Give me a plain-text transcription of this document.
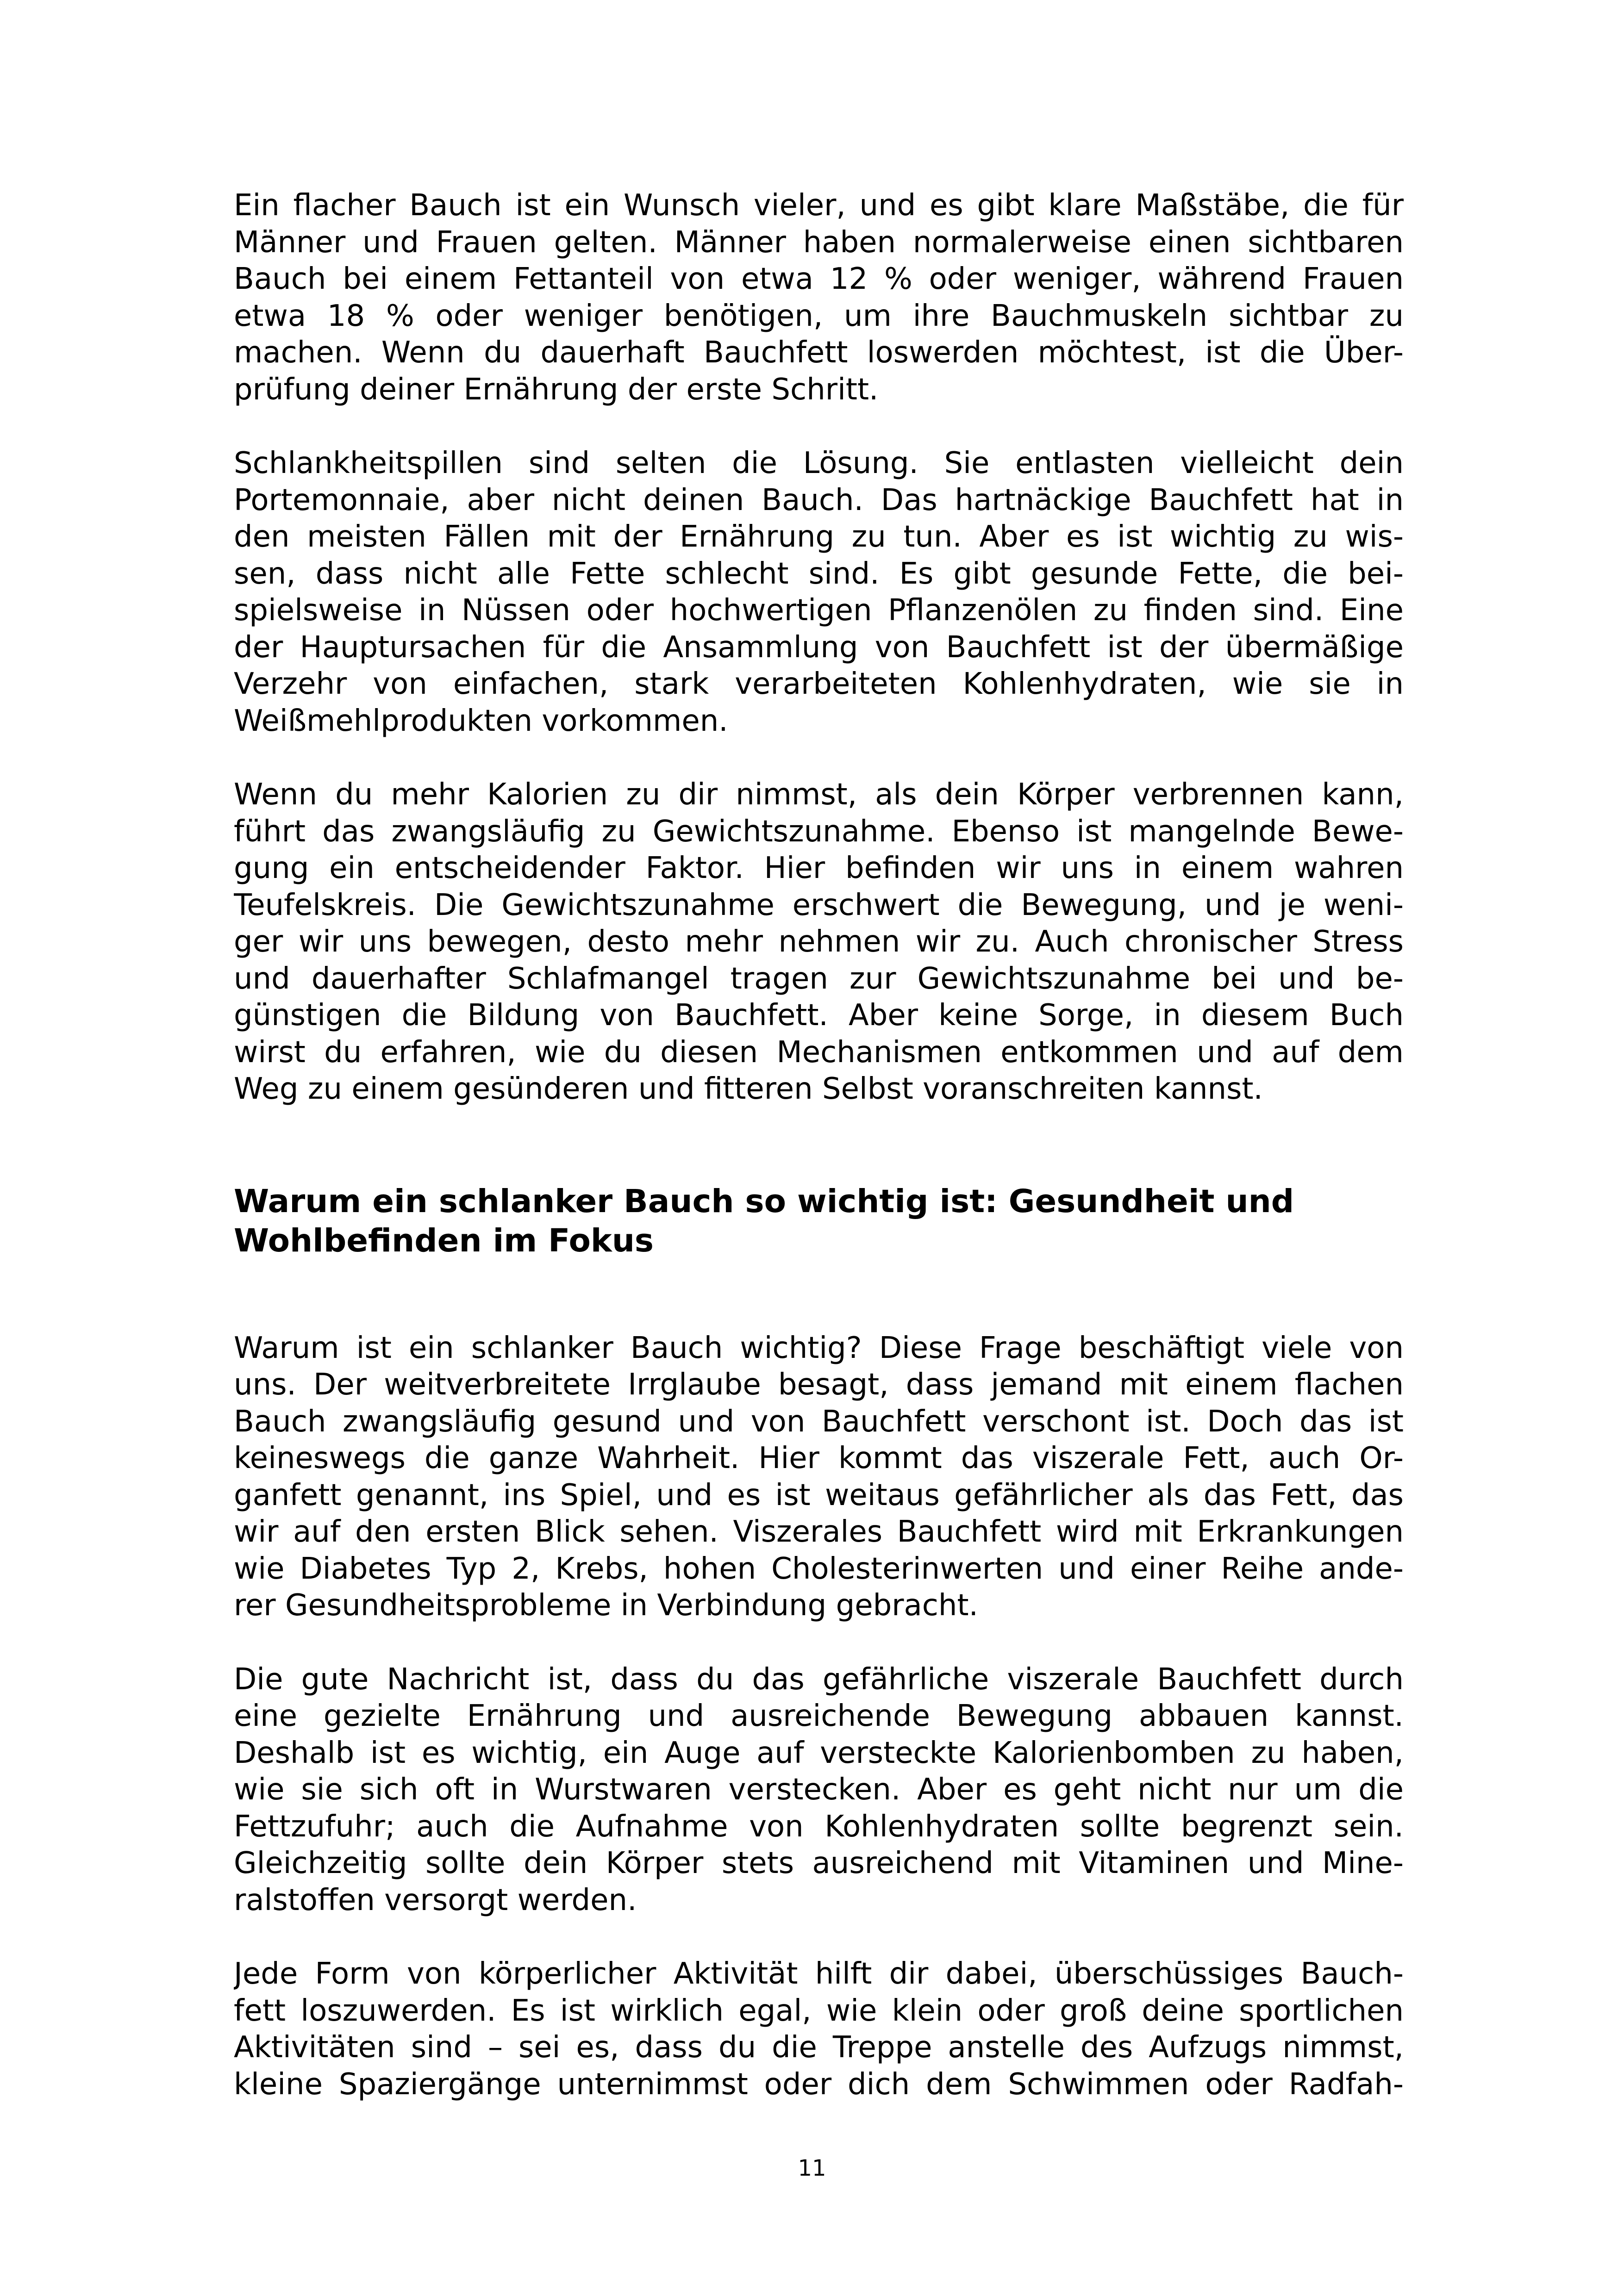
Ein flacher Bauch ist ein Wunsch vieler, und es gibt klare Maßstäbe, die für
Männer und Frauen gelten. Männer haben normalerweise einen sichtbaren
Bauch bei einem Fettanteil von etwa 12 % oder weniger, während Frauen
etwa 18 % oder weniger benötigen, um ihre Bauchmuskeln sichtbar zu
machen. Wenn du dauerhaft Bauchfett loswerden möchtest, ist die Über-
prüfung deiner Ernährung der erste Schritt.
Schlankheitspillen sind selten die Lösung. Sie entlasten vielleicht dein
Portemonnaie, aber nicht deinen Bauch. Das hartnäckige Bauchfett hat in
den meisten Fällen mit der Ernährung zu tun. Aber es ist wichtig zu wis-
sen, dass nicht alle Fette schlecht sind. Es gibt gesunde Fette, die bei-
spielsweise in Nüssen oder hochwertigen Pflanzenölen zu finden sind. Eine
der Hauptursachen für die Ansammlung von Bauchfett ist der übermäßige
Verzehr von einfachen, stark verarbeiteten Kohlenhydraten, wie sie in
Weißmehlprodukten vorkommen.
Wenn du mehr Kalorien zu dir nimmst, als dein Körper verbrennen kann,
führt das zwangsläufig zu Gewichtszunahme. Ebenso ist mangelnde Bewe-
gung ein entscheidender Faktor. Hier befinden wir uns in einem wahren
Teufelskreis. Die Gewichtszunahme erschwert die Bewegung, und je weni-
ger wir uns bewegen, desto mehr nehmen wir zu. Auch chronischer Stress
und dauerhafter Schlafmangel tragen zur Gewichtszunahme bei und be-
günstigen die Bildung von Bauchfett. Aber keine Sorge, in diesem Buch
wirst du erfahren, wie du diesen Mechanismen entkommen und auf dem
Weg zu einem gesünderen und fitteren Selbst voranschreiten kannst.
Warum ein schlanker Bauch so wichtig ist: Gesundheit und
Wohlbefinden im Fokus
Warum ist ein schlanker Bauch wichtig? Diese Frage beschäftigt viele von
uns. Der weitverbreitete Irrglaube besagt, dass jemand mit einem flachen
Bauch zwangsläufig gesund und von Bauchfett verschont ist. Doch das ist
keineswegs die ganze Wahrheit. Hier kommt das viszerale Fett, auch Or-
ganfett genannt, ins Spiel, und es ist weitaus gefährlicher als das Fett, das
wir auf den ersten Blick sehen. Viszerales Bauchfett wird mit Erkrankungen
wie Diabetes Typ 2, Krebs, hohen Cholesterinwerten und einer Reihe ande-
rer Gesundheitsprobleme in Verbindung gebracht.
Die gute Nachricht ist, dass du das gefährliche viszerale Bauchfett durch
eine gezielte Ernährung und ausreichende Bewegung abbauen kannst.
Deshalb ist es wichtig, ein Auge auf versteckte Kalorienbomben zu haben,
wie sie sich oft in Wurstwaren verstecken. Aber es geht nicht nur um die
Fettzufuhr; auch die Aufnahme von Kohlenhydraten sollte begrenzt sein.
Gleichzeitig sollte dein Körper stets ausreichend mit Vitaminen und Mine-
ralstoffen versorgt werden.
Jede Form von körperlicher Aktivität hilft dir dabei, überschüssiges Bauch-
fett loszuwerden. Es ist wirklich egal, wie klein oder groß deine sportlichen
Aktivitäten sind – sei es, dass du die Treppe anstelle des Aufzugs nimmst,
kleine Spaziergänge unternimmst oder dich dem Schwimmen oder Radfah-
11
